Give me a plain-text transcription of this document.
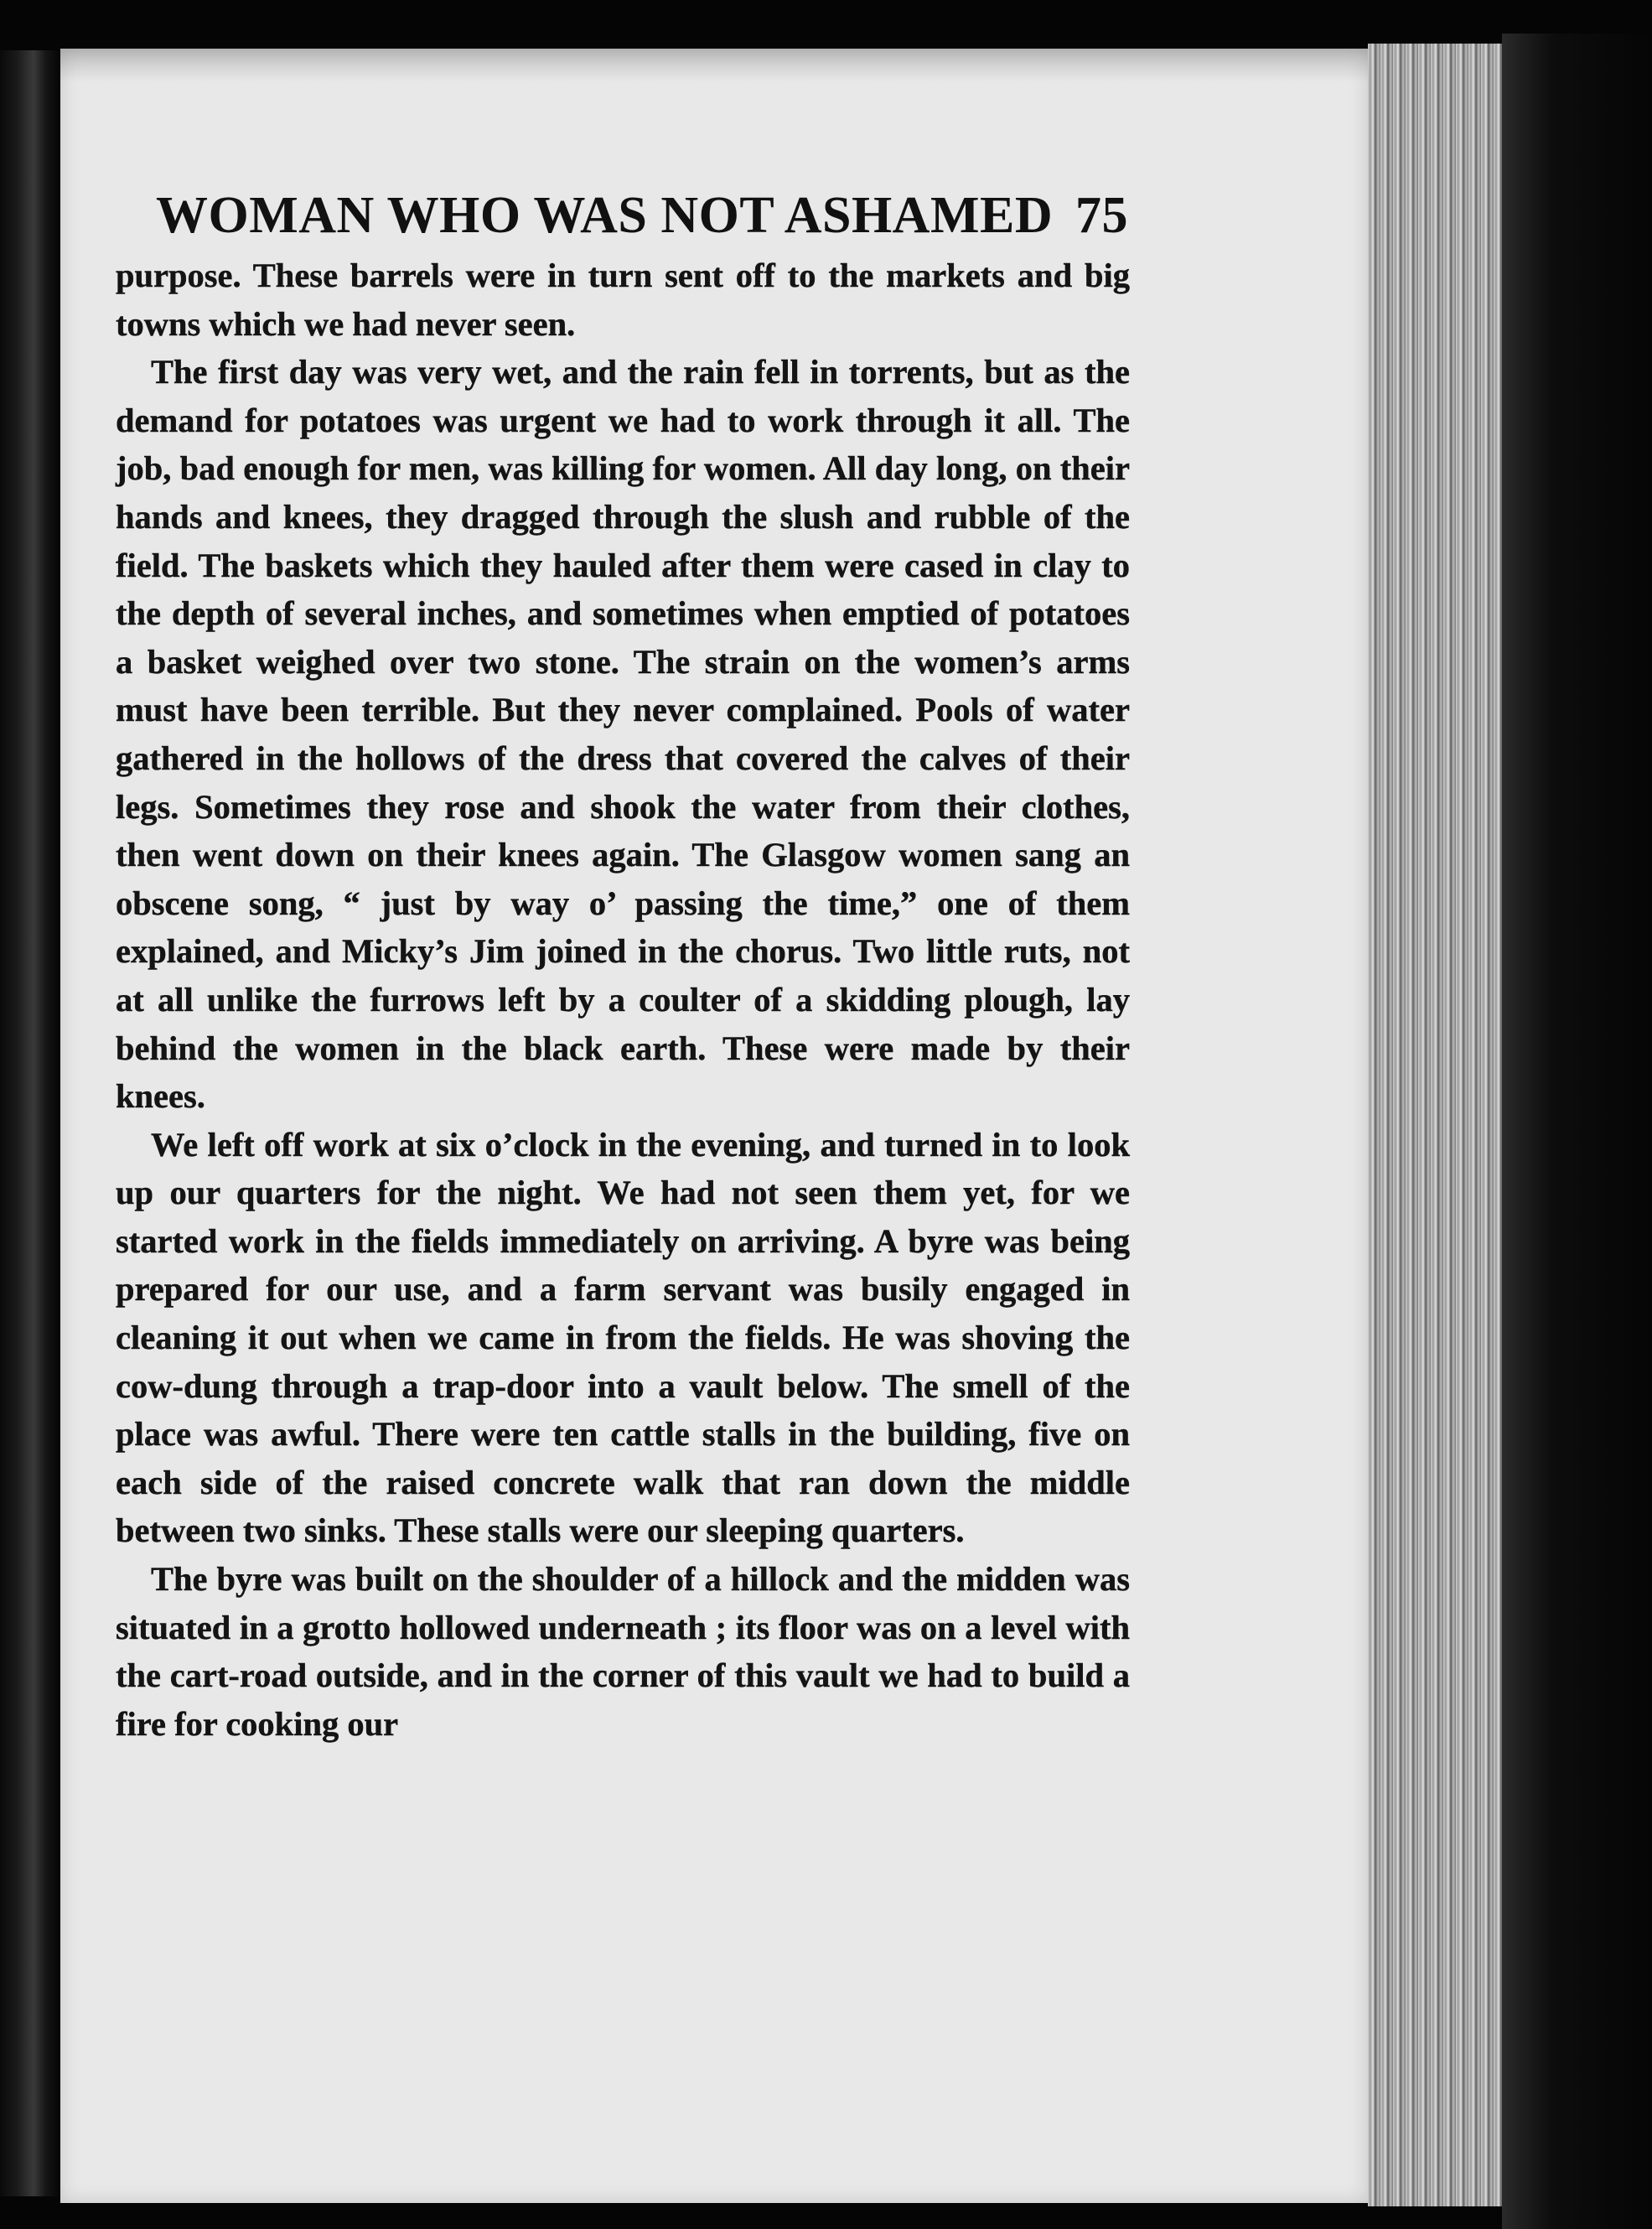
WOMAN WHO WAS NOT ASHAMED 75

purpose. These barrels were in turn sent off to the markets and big towns which we had never seen.

The first day was very wet, and the rain fell in torrents, but as the demand for potatoes was urgent we had to work through it all. The job, bad enough for men, was killing for women. All day long, on their hands and knees, they dragged through the slush and rubble of the field. The baskets which they hauled after them were cased in clay to the depth of several inches, and sometimes when emptied of potatoes a basket weighed over two stone. The strain on the women’s arms must have been terrible. But they never complained. Pools of water gathered in the hollows of the dress that covered the calves of their legs. Sometimes they rose and shook the water from their clothes, then went down on their knees again. The Glasgow women sang an obscene song, “ just by way o’ passing the time,” one of them explained, and Micky’s Jim joined in the chorus. Two little ruts, not at all unlike the furrows left by a coulter of a skidding plough, lay behind the women in the black earth. These were made by their knees.

We left off work at six o’clock in the evening, and turned in to look up our quarters for the night. We had not seen them yet, for we started work in the fields immediately on arriving. A byre was being prepared for our use, and a farm servant was busily engaged in cleaning it out when we came in from the fields. He was shoving the cow-dung through a trap-door into a vault below. The smell of the place was awful. There were ten cattle stalls in the building, five on each side of the raised concrete walk that ran down the middle between two sinks. These stalls were our sleeping quarters.

The byre was built on the shoulder of a hillock and the midden was situated in a grotto hollowed underneath ; its floor was on a level with the cart-road outside, and in the corner of this vault we had to build a fire for cooking our
